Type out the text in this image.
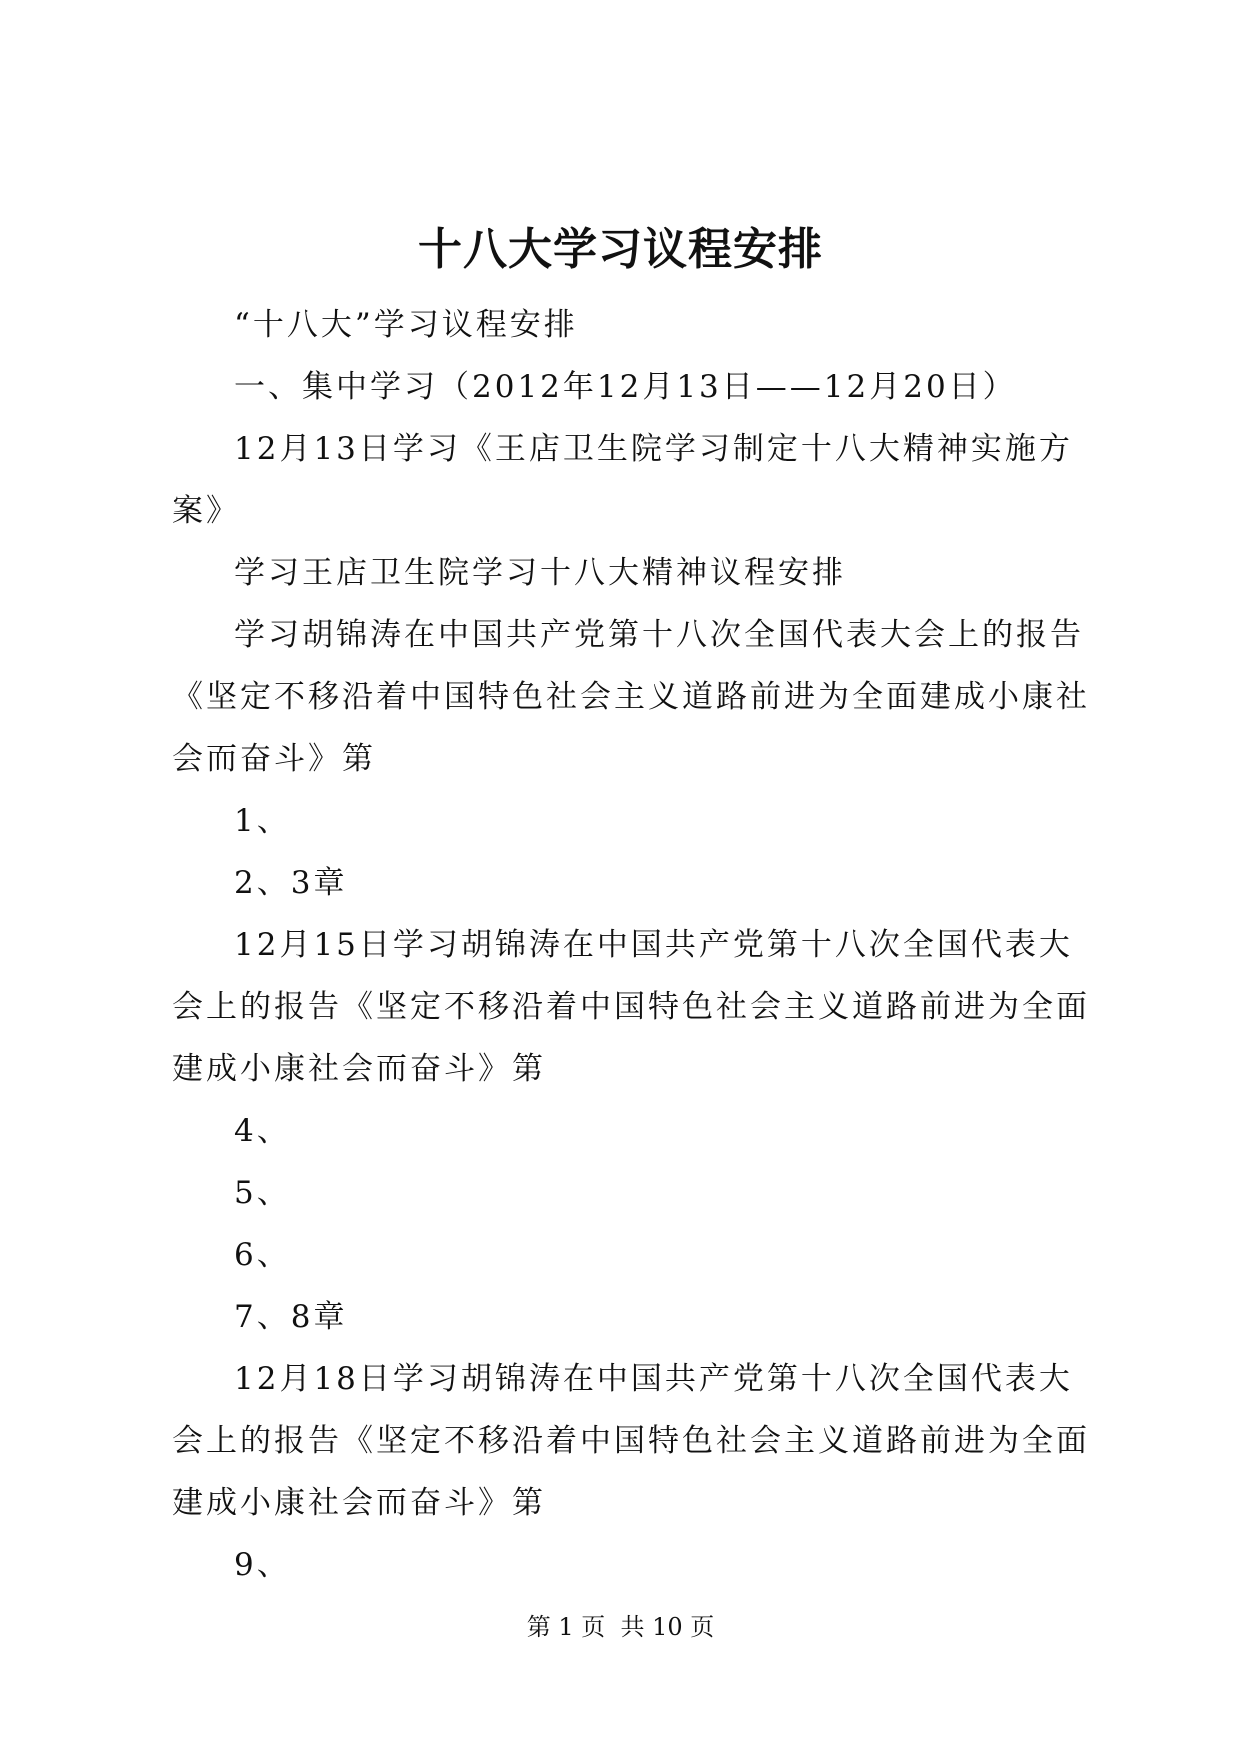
十八大学习议程安排

“十八大”学习议程安排

一、集中学习（2012年12月13日——12月20日）

12月13日学习《王店卫生院学习制定十八大精神实施方案》

学习王店卫生院学习十八大精神议程安排

学习胡锦涛在中国共产党第十八次全国代表大会上的报告《坚定不移沿着中国特色社会主义道路前进为全面建成小康社会而奋斗》第

1、

2、3章

12月15日学习胡锦涛在中国共产党第十八次全国代表大会上的报告《坚定不移沿着中国特色社会主义道路前进为全面建成小康社会而奋斗》第

4、

5、

6、

7、8章

12月18日学习胡锦涛在中国共产党第十八次全国代表大会上的报告《坚定不移沿着中国特色社会主义道路前进为全面建成小康社会而奋斗》第

9、

第 1 页  共 10 页
